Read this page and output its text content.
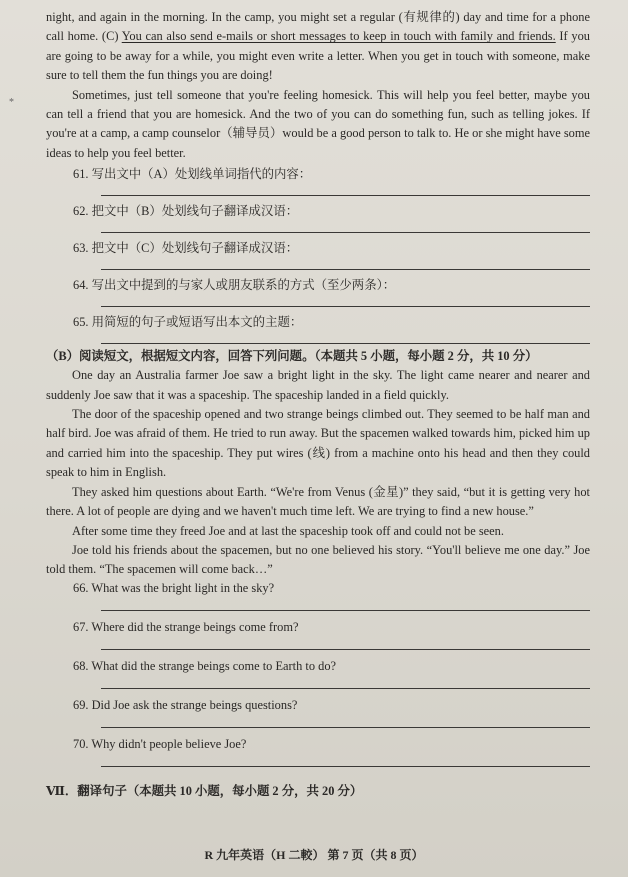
*

night, and again in the morning. In the camp, you might set a regular (有规律的) day and time for a phone call home. (C) You can also send e-mails or short messages to keep in touch with family and friends. If you are going to be away for a while, you might even write a letter. When you get in touch with someone, make sure to tell them the fun things you are doing!

Sometimes, just tell someone that you're feeling homesick. This will help you feel better, maybe you can tell a friend that you are homesick. And the two of you can do something fun, such as telling jokes. If you're at a camp, a camp counselor（辅导员）would be a good person to talk to. He or she might have some ideas to help you feel better.

61. 写出文中（A）处划线单词指代的内容：

62. 把文中（B）处划线句子翻译成汉语：

63. 把文中（C）处划线句子翻译成汉语：

64. 写出文中提到的与家人或朋友联系的方式（至少两条）：

65. 用简短的句子或短语写出本文的主题：

（B）阅读短文，根据短文内容，回答下列问题。（本题共 5 小题，每小题 2 分，共 10 分）

One day an Australia farmer Joe saw a bright light in the sky. The light came nearer and nearer and suddenly Joe saw that it was a spaceship. The spaceship landed in a field quickly.

The door of the spaceship opened and two strange beings climbed out. They seemed to be half man and half bird. Joe was afraid of them. He tried to run away. But the spacemen walked towards him, picked him up and carried him into the spaceship. They put wires (线) from a machine onto his head and then they could speak to him in English.

They asked him questions about Earth. “We're from Venus (金星)” they said, “but it is getting very hot there. A lot of people are dying and we haven't much time left. We are trying to find a new house.”

After some time they freed Joe and at last the spaceship took off and could not be seen.

Joe told his friends about the spacemen, but no one believed his story. “You'll believe me one day.” Joe told them. “The spacemen will come back…”

66. What was the bright light in the sky?

67. Where did the strange beings come from?

68. What did the strange beings come to Earth to do?

69. Did Joe ask the strange beings questions?

70. Why didn't people believe Joe?

Ⅶ．翻译句子（本题共 10 小题，每小题 2 分，共 20 分）

R 九年英语（H 二較） 第 7 页（共 8 页）
